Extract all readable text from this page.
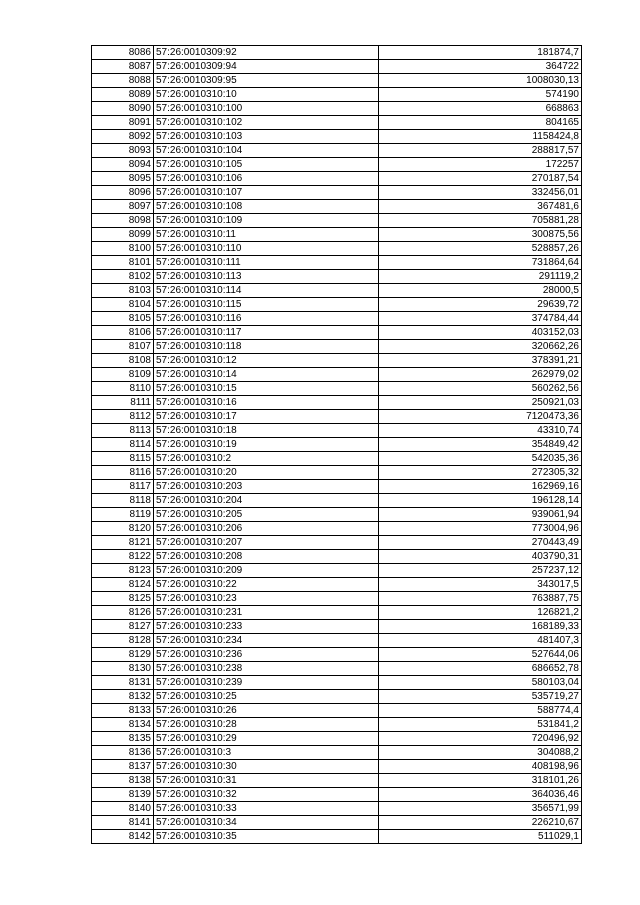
8086	57:26:0010309:92	181874,7
8087	57:26:0010309:94	364722
8088	57:26:0010309:95	1008030,13
8089	57:26:0010310:10	574190
8090	57:26:0010310:100	668863
8091	57:26:0010310:102	804165
8092	57:26:0010310:103	1158424,8
8093	57:26:0010310:104	288817,57
8094	57:26:0010310:105	172257
8095	57:26:0010310:106	270187,54
8096	57:26:0010310:107	332456,01
8097	57:26:0010310:108	367481,6
8098	57:26:0010310:109	705881,28
8099	57:26:0010310:11	300875,56
8100	57:26:0010310:110	528857,26
8101	57:26:0010310:111	731864,64
8102	57:26:0010310:113	291119,2
8103	57:26:0010310:114	28000,5
8104	57:26:0010310:115	29639,72
8105	57:26:0010310:116	374784,44
8106	57:26:0010310:117	403152,03
8107	57:26:0010310:118	320662,26
8108	57:26:0010310:12	378391,21
8109	57:26:0010310:14	262979,02
8110	57:26:0010310:15	560262,56
8111	57:26:0010310:16	250921,03
8112	57:26:0010310:17	7120473,36
8113	57:26:0010310:18	43310,74
8114	57:26:0010310:19	354849,42
8115	57:26:0010310:2	542035,36
8116	57:26:0010310:20	272305,32
8117	57:26:0010310:203	162969,16
8118	57:26:0010310:204	196128,14
8119	57:26:0010310:205	939061,94
8120	57:26:0010310:206	773004,96
8121	57:26:0010310:207	270443,49
8122	57:26:0010310:208	403790,31
8123	57:26:0010310:209	257237,12
8124	57:26:0010310:22	343017,5
8125	57:26:0010310:23	763887,75
8126	57:26:0010310:231	126821,2
8127	57:26:0010310:233	168189,33
8128	57:26:0010310:234	481407,3
8129	57:26:0010310:236	527644,06
8130	57:26:0010310:238	686652,78
8131	57:26:0010310:239	580103,04
8132	57:26:0010310:25	535719,27
8133	57:26:0010310:26	588774,4
8134	57:26:0010310:28	531841,2
8135	57:26:0010310:29	720496,92
8136	57:26:0010310:3	304088,2
8137	57:26:0010310:30	408198,96
8138	57:26:0010310:31	318101,26
8139	57:26:0010310:32	364036,46
8140	57:26:0010310:33	356571,99
8141	57:26:0010310:34	226210,67
8142	57:26:0010310:35	511029,1
